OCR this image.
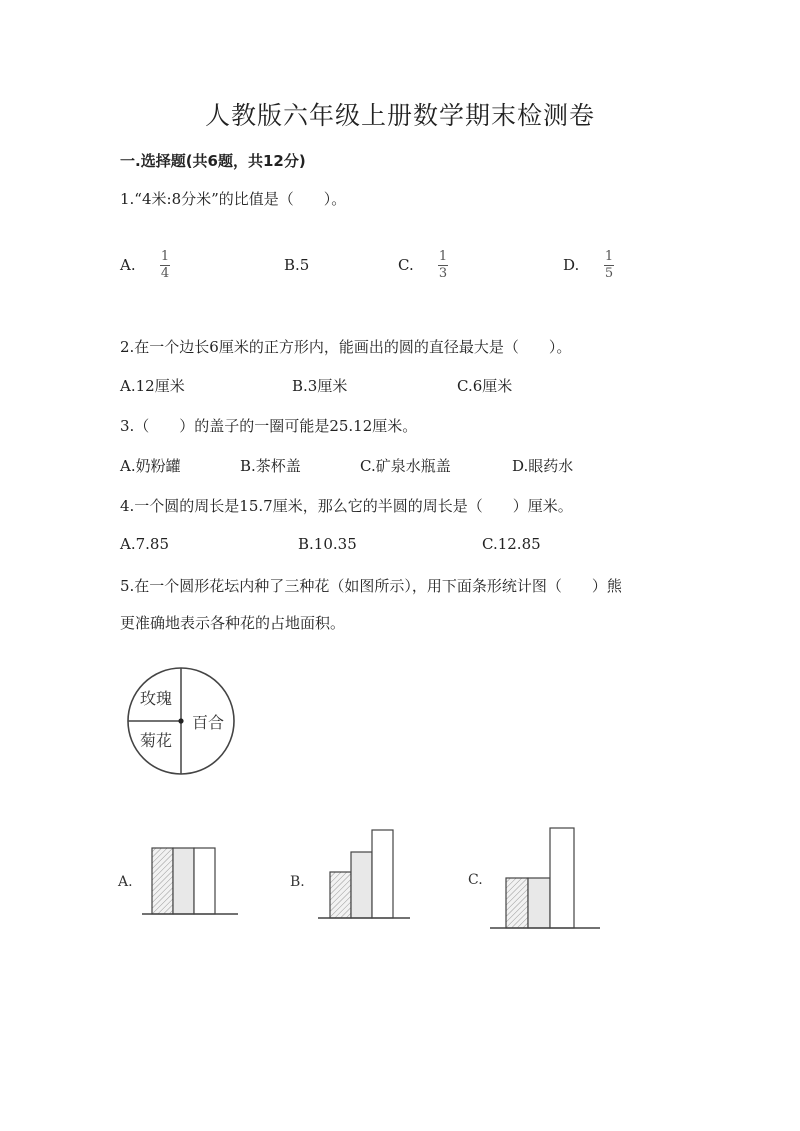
人教版六年级上册数学期末检测卷
一.选择题(共6题，共12分)
1.“4米:8分米”的比值是（　　）。
A. 1
4	B.5	C. 1
3	D. 1
5
2.在一个边长6厘米的正方形内，能画出的圆的直径最大是（　　）。
A.12厘米	B.3厘米	C.6厘米
3.（　　）的盖子的一圈可能是25.12厘米。
A.奶粉罐	B.茶杯盖	C.矿泉水瓶盖	D.眼药水
4.一个圆的周长是15.7厘米，那么它的半圆的周长是（　　）厘米。
A.7.85	B.10.35	C.12.85
5.在一个圆形花坛内种了三种花（如图所示），用下面条形统计图（　　）熊
更准确地表示各种花的占地面积。
玫瑰
菊花
百合
A.	B.	C.
